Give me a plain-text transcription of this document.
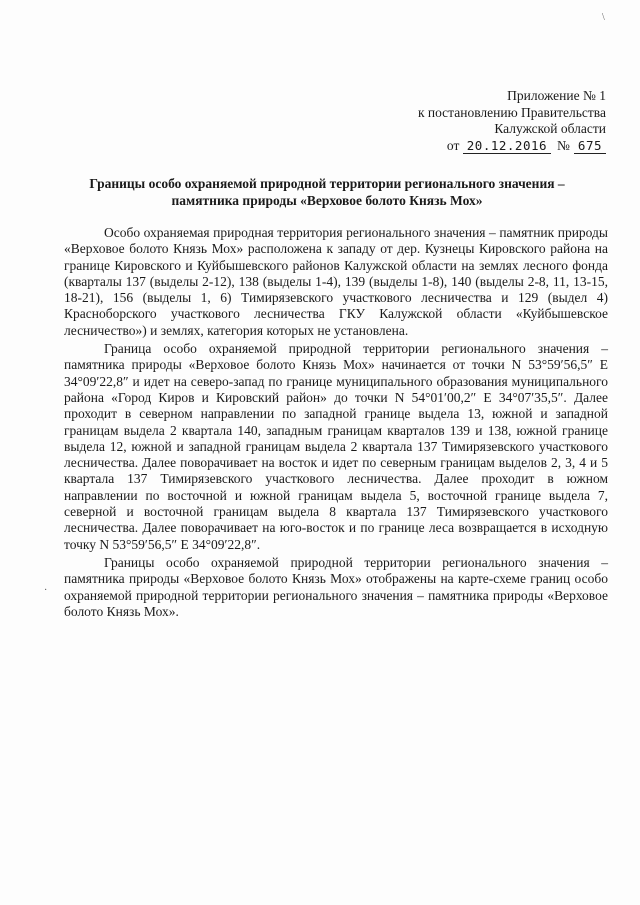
\
Приложение № 1
к постановлению Правительства
Калужской области
от 20.12.2016 № 675
Границы особо охраняемой природной территории регионального значения –
памятника природы «Верховое болото Князь Мох»

Особо охраняемая природная территория регионального значения – памятник природы «Верховое болото Князь Мох» расположена к западу от дер. Кузнецы Кировского района на границе Кировского и Куйбышевского районов Калужской области на землях лесного фонда (кварталы 137 (выделы 2-12), 138 (выделы 1-4), 139 (выделы 1-8), 140 (выделы 2-8, 11, 13-15, 18-21), 156 (выделы 1, 6) Тимирязевского участкового лесничества и 129 (выдел 4) Красноборского участкового лесничества ГКУ Калужской области «Куйбышевское лесничество») и землях, категория которых не установлена.

Граница особо охраняемой природной территории регионального значения – памятника природы «Верховое болото Князь Мох» начинается от точки N 53°59′56,5″ Е 34°09′22,8″ и идет на северо-запад по границе муниципального образования муниципального района «Город Киров и Кировский район» до точки N 54°01′00,2″ Е 34°07′35,5″. Далее проходит в северном направлении по западной границе выдела 13, южной и западной границам выдела 2 квартала 140, западным границам кварталов 139 и 138, южной границе выдела 12, южной и западной границам выдела 2 квартала 137 Тимирязевского участкового лесничества. Далее поворачивает на восток и идет по северным границам выделов 2, 3, 4 и 5 квартала 137 Тимирязевского участкового лесничества. Далее проходит в южном направлении по восточной и южной границам выдела 5, восточной границе выдела 7, северной и восточной границам выдела 8 квартала 137 Тимирязевского участкового лесничества. Далее поворачивает на юго-восток и по границе леса возвращается в исходную точку N 53°59′56,5″ Е 34°09′22,8″.

Границы особо охраняемой природной территории регионального значения – памятника природы «Верховое болото Князь Мох» отображены на карте-схеме границ особо охраняемой природной территории регионального значения – памятника природы «Верховое болото Князь Мох».

·
